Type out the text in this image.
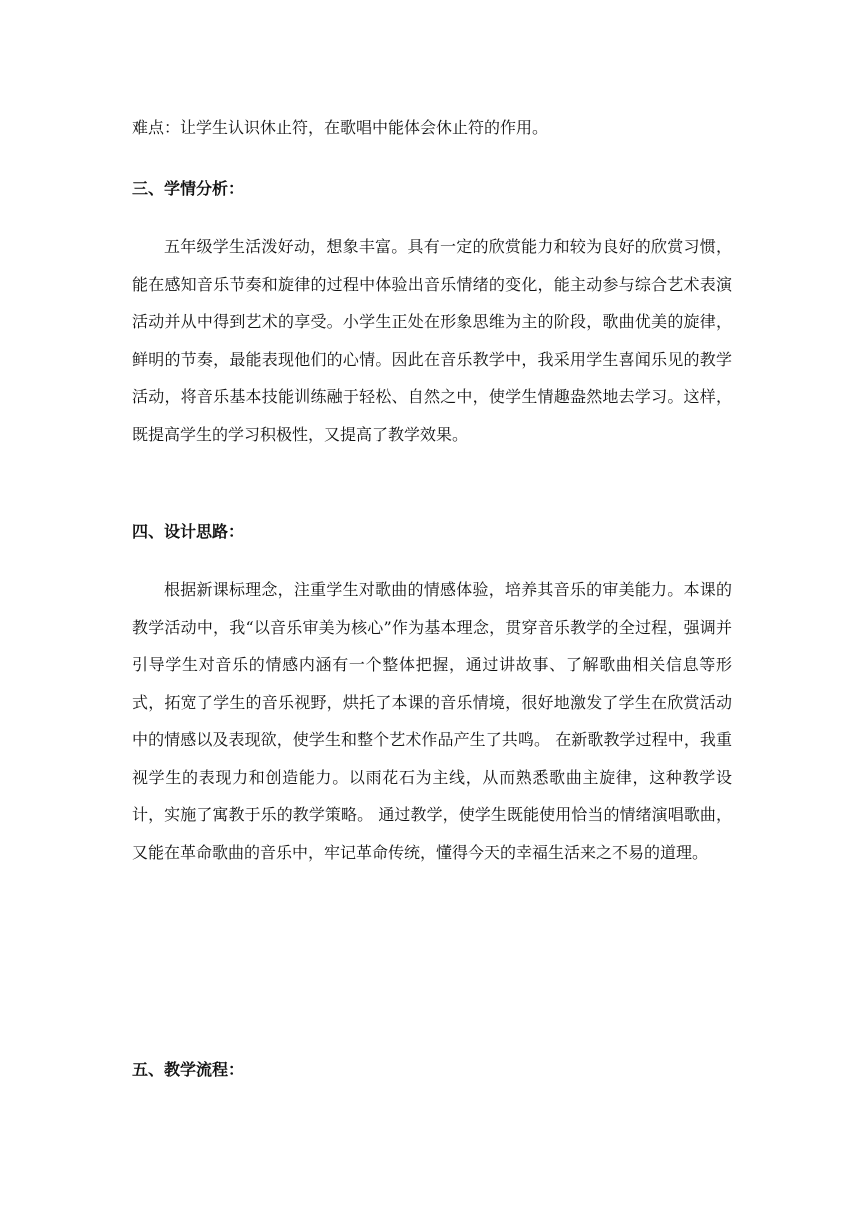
难点：让学生认识休止符，在歌唱中能体会休止符的作用。
三、学情分析：

五年级学生活泼好动，想象丰富。具有一定的欣赏能力和较为良好的欣赏习惯，能在感知音乐节奏和旋律的过程中体验出音乐情绪的变化，能主动参与综合艺术表演活动并从中得到艺术的享受。小学生正处在形象思维为主的阶段，歌曲优美的旋律，鲜明的节奏，最能表现他们的心情。因此在音乐教学中，我采用学生喜闻乐见的教学活动，将音乐基本技能训练融于轻松、自然之中，使学生情趣盎然地去学习。这样，既提高学生的学习积极性，又提高了教学效果。

四、设计思路：

根据新课标理念，注重学生对歌曲的情感体验，培养其音乐的审美能力。本课的教学活动中，我“以音乐审美为核心”作为基本理念，贯穿音乐教学的全过程，强调并引导学生对音乐的情感内涵有一个整体把握，通过讲故事、了解歌曲相关信息等形式，拓宽了学生的音乐视野，烘托了本课的音乐情境，很好地激发了学生在欣赏活动中的情感以及表现欲，使学生和整个艺术作品产生了共鸣。 在新歌教学过程中，我重视学生的表现力和创造能力。以雨花石为主线，从而熟悉歌曲主旋律，这种教学设计，实施了寓教于乐的教学策略。 通过教学，使学生既能使用恰当的情绪演唱歌曲，又能在革命歌曲的音乐中，牢记革命传统，懂得今天的幸福生活来之不易的道理。

五、教学流程：
